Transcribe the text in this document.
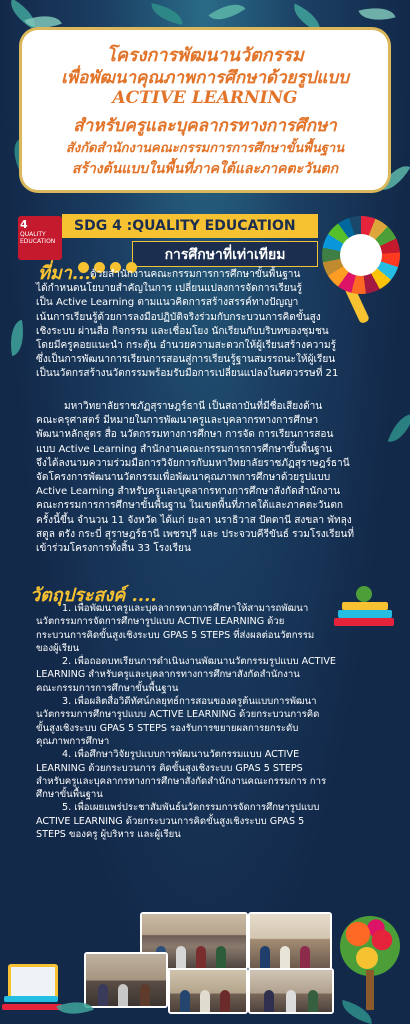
โครงการพัฒนานวัตกรรม
เพื่อพัฒนาคุณภาพการศึกษาด้วยรูปแบบ
ACTIVE LEARNING
สำหรับครูและบุคลากรทางการศึกษา
สังกัดสำนักงานคณะกรรมการการศึกษาขั้นพื้นฐาน
สร้างต้นแบบในพื้นที่ภาคใต้และภาคตะวันตก
4
QUALITY EDUCATION
SDG 4 :QUALITY EDUCATION
การศึกษาที่เท่าเทียม
ที่มา....

ด้วยสำนักงานคณะกรรมการการศึกษาขั้นพื้นฐาน

ได้กำหนดนโยบายสำคัญในการ เปลี่ยนแปลงการจัดการเรียนรู้

เป็น Active Learning ตามแนวคิดการสร้างสรรค์ทางปัญญา

เน้นการเรียนรู้ด้วยการลงมือปฏิบัติจริงร่วมกับกระบวนการคิดขั้นสูง

เชิงระบบ ผ่านสื่อ กิจกรรม และเชื่อมโยง นักเรียนกับบริบทของชุมชน

โดยมีครูคอยแนะนำ กระตุ้น อำนวยความสะดวกให้ผู้เรียนสร้างความรู้

ซึ่งเป็นการพัฒนาการเรียนการสอนสู่การเรียนรู้ฐานสมรรถนะให้ผู้เรียน

เป็นนวัตกรสร้างนวัตกรรมพร้อมรับมือการเปลี่ยนแปลงในศตวรรษที่ 21

มหาวิทยาลัยราชภัฏสุราษฎร์ธานี เป็นสถาบันที่มีชื่อเสียงด้าน

คณะครุศาสตร์ มีหมายในการพัฒนาครูและบุคลากรทางการศึกษา

พัฒนาหลักสูตร สื่อ นวัตกรรมทางการศึกษา การจัด การเรียนการสอน

แบบ Active Learning สำนักงานคณะกรรมการการศึกษาขั้นพื้นฐาน

จึงได้ลงนามความร่วมมือการวิจัยการกับมหาวิทยาลัยราชภัฏสุราษฎร์ธานี

จัดโครงการพัฒนานวัตกรรมเพื่อพัฒนาคุณภาพการศึกษาด้วยรูปแบบ

Active Learning สำหรับครูและบุคลากรทางการศึกษาสังกัดสำนักงาน

คณะกรรมการการศึกษาขั้นพื้นฐาน ในเขตพื้นที่ภาคใต้และภาคตะวันตก

ครั้งนี้ขึ้น จำนวน 11 จังหวัด ได้แก่ ยะลา นราธิวาส ปัตตานี สงขลา พัทลุง

สตูล ตรัง กระบี่ สุราษฎร์ธานี เพชรบุรี และ ประจวบคีรีขันธ์ รวมโรงเรียนที่

เข้าร่วมโครงการทั้งสิ้น 33 โรงเรียน

วัตถุประสงค์ ....
1. เพื่อพัฒนาครูและบุคลากรทางการศึกษาให้สามารถพัฒนา
นวัตกรรมการจัดการศึกษารูปแบบ ACTIVE LEARNING ด้วย
กระบวนการคิดขั้นสูงเชิงระบบ GPAS 5 STEPS ที่ส่งผลต่อนวัตกรรม
ของผู้เรียน
2. เพื่อถอดบทเรียนการดำเนินงานพัฒนานวัตกรรมรูปแบบ ACTIVE
LEARNING สำหรับครูและบุคลากรทางการศึกษาสังกัดสำนักงาน
คณะกรรมการการศึกษาขั้นพื้นฐาน
3. เพื่อผลิตสื่อวิดีทัศน์กลยุทธ์การสอนของครูต้นแบบการพัฒนา
นวัตกรรมการศึกษารูปแบบ ACTIVE LEARNING ด้วยกระบวนการคิด
ขั้นสูงเชิงระบบ GPAS 5 STEPS รองรับการขยายผลการยกระดับ
คุณภาพการศึกษา
4. เพื่อศึกษาวิจัยรูปแบบการพัฒนานวัตกรรมแบบ ACTIVE
LEARNING ด้วยกระบวนการ คิดขั้นสูงเชิงระบบ GPAS 5 STEPS
สำหรับครูและบุคลากรทางการศึกษาสังกัดสำนักงานคณะกรรมการ การ
ศึกษาขั้นพื้นฐาน
5. เพื่อเผยแพร่ประชาสัมพันธ์นวัตกรรมการจัดการศึกษารูปแบบ
ACTIVE LEARNING ด้วยกระบวนการคิดขั้นสูงเชิงระบบ GPAS 5
STEPS ของครู ผู้บริหาร และผู้เรียน
